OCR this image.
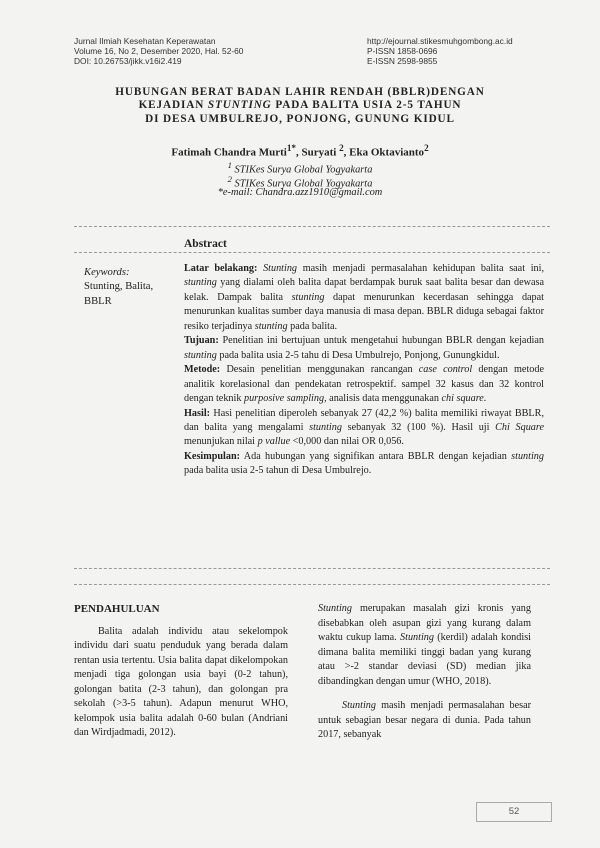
Jurnal Ilmiah Kesehatan Keperawatan
Volume 16, No 2, Desember 2020, Hal. 52-60
DOI: 10.26753/jikk.v16i2.419
http://ejournal.stikesmuhgombong.ac.id
P-ISSN 1858-0696
E-ISSN 2598-9855
HUBUNGAN BERAT BADAN LAHIR RENDAH (BBLR)DENGAN
KEJADIAN STUNTING PADA BALITA USIA 2-5 TAHUN
DI DESA UMBULREJO, PONJONG, GUNUNG KIDUL
Fatimah Chandra Murti$^{1*}$, Suryati $^2$, Eka Oktavianto$^2$
$^1$ STIKes Surya Global Yogyakarta
$^2$ STIKes Surya Global Yogyakarta
*e-mail: Chandra.azz1910@gmail.com
Abstract
Keywords:
Stunting, Balita, BBLR

Latar belakang: Stunting masih menjadi permasalahan kehidupan balita saat ini, stunting yang dialami oleh balita dapat berdampak buruk saat balita besar dan dewasa kelak. Dampak balita stunting dapat menurunkan kecerdasan sehingga dapat menurunkan kualitas sumber daya manusia di masa depan. BBLR diduga sebagai faktor resiko terjadinya stunting pada balita.

Tujuan: Penelitian ini bertujuan untuk mengetahui hubungan BBLR dengan kejadian stunting pada balita usia 2-5 tahu di Desa Umbulrejo, Ponjong, Gunungkidul.

Metode: Desain penelitian menggunakan rancangan case control dengan metode analitik korelasional dan pendekatan retrospektif. sampel 32 kasus dan 32 kontrol dengan teknik purposive sampling, analisis data menggunakan chi square.

Hasil: Hasi penelitian diperoleh sebanyak 27 (42,2 %) balita memiliki riwayat BBLR, dan balita yang mengalami stunting sebanyak 32 (100 %). Hasil uji Chi Square menunjukan nilai p vallue <0,000 dan nilai OR 0,056.

Kesimpulan: Ada hubungan yang signifikan antara BBLR dengan kejadian stunting pada balita usia 2-5 tahun di Desa Umbulrejo.

PENDAHULUAN

Balita adalah individu atau sekelompok individu dari suatu penduduk yang berada dalam rentan usia tertentu. Usia balita dapat dikelompokan menjadi tiga golongan usia bayi (0-2 tahun), golongan batita (2-3 tahun), dan golongan pra sekolah (>3-5 tahun). Adapun menurut WHO, kelompok usia balita adalah 0-60 bulan (Andriani dan Wirdjadmadi, 2012).

Stunting merupakan masalah gizi kronis yang disebabkan oleh asupan gizi yang kurang dalam waktu cukup lama. Stunting (kerdil) adalah kondisi dimana balita memiliki tinggi badan yang kurang atau >-2 standar deviasi (SD) median jika dibandingkan dengan umur (WHO, 2018).

Stunting masih menjadi permasalahan besar untuk sebagian besar negara di dunia. Pada tahun 2017, sebanyak

52
